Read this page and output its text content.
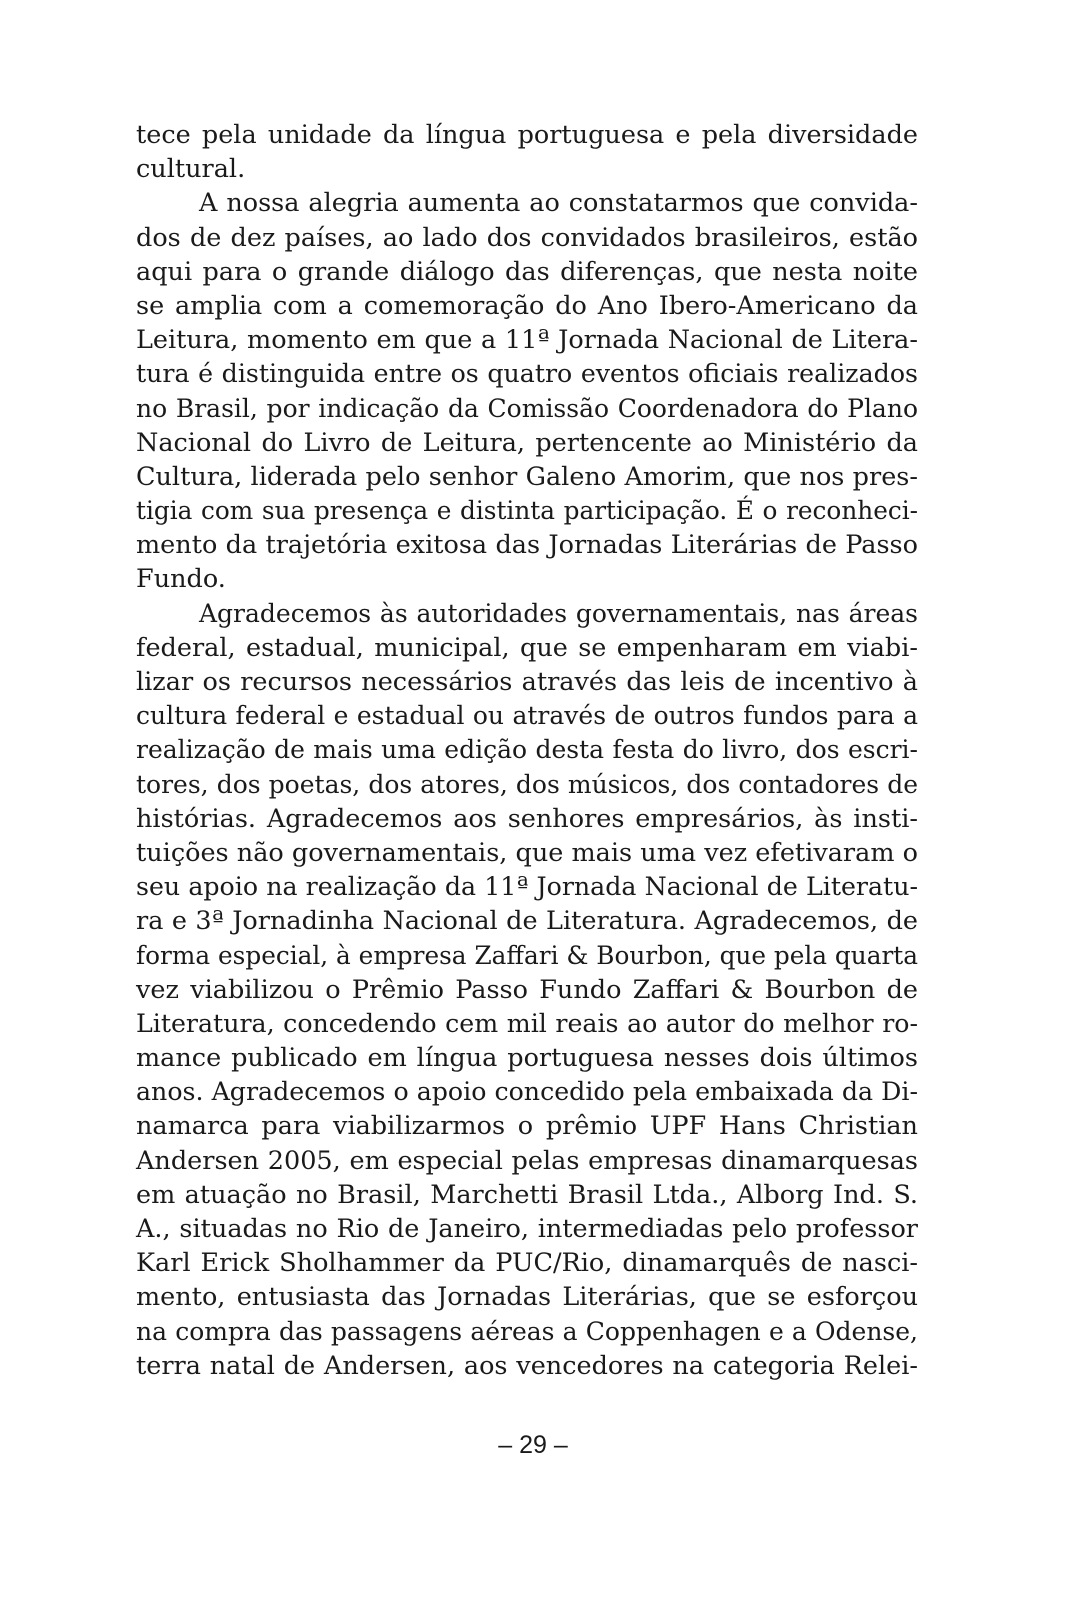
tece pela unidade da língua portuguesa e pela diversidade
cultural.
A nossa alegria aumenta ao constatarmos que convida-
dos de dez países, ao lado dos convidados brasileiros, estão
aqui para o grande diálogo das diferenças, que nesta noite
se amplia com a comemoração do Ano Ibero-Americano da
Leitura, momento em que a 11ª Jornada Nacional de Litera-
tura é distinguida entre os quatro eventos oficiais realizados
no Brasil, por indicação da Comissão Coordenadora do Plano
Nacional do Livro de Leitura, pertencente ao Ministério da
Cultura, liderada pelo senhor Galeno Amorim, que nos pres-
tigia com sua presença e distinta participação. É o reconheci-
mento da trajetória exitosa das Jornadas Literárias de Passo
Fundo.
Agradecemos às autoridades governamentais, nas áreas
federal, estadual, municipal, que se empenharam em viabi-
lizar os recursos necessários através das leis de incentivo à
cultura federal e estadual ou através de outros fundos para a
realização de mais uma edição desta festa do livro, dos escri-
tores, dos poetas, dos atores, dos músicos, dos contadores de
histórias. Agradecemos aos senhores empresários, às insti-
tuições não governamentais, que mais uma vez efetivaram o
seu apoio na realização da 11ª Jornada Nacional de Literatu-
ra e 3ª Jornadinha Nacional de Literatura. Agradecemos, de
forma especial, à empresa Zaffari & Bourbon, que pela quarta
vez viabilizou o Prêmio Passo Fundo Zaffari & Bourbon de
Literatura, concedendo cem mil reais ao autor do melhor ro-
mance publicado em língua portuguesa nesses dois últimos
anos. Agradecemos o apoio concedido pela embaixada da Di-
namarca para viabilizarmos o prêmio UPF Hans Christian
Andersen 2005, em especial pelas empresas dinamarquesas
em atuação no Brasil, Marchetti Brasil Ltda., Alborg Ind. S.
A., situadas no Rio de Janeiro, intermediadas pelo professor
Karl Erick Sholhammer da PUC/Rio, dinamarquês de nasci-
mento, entusiasta das Jornadas Literárias, que se esforçou
na compra das passagens aéreas a Coppenhagen e a Odense,
terra natal de Andersen, aos vencedores na categoria Relei-
– 29 –
